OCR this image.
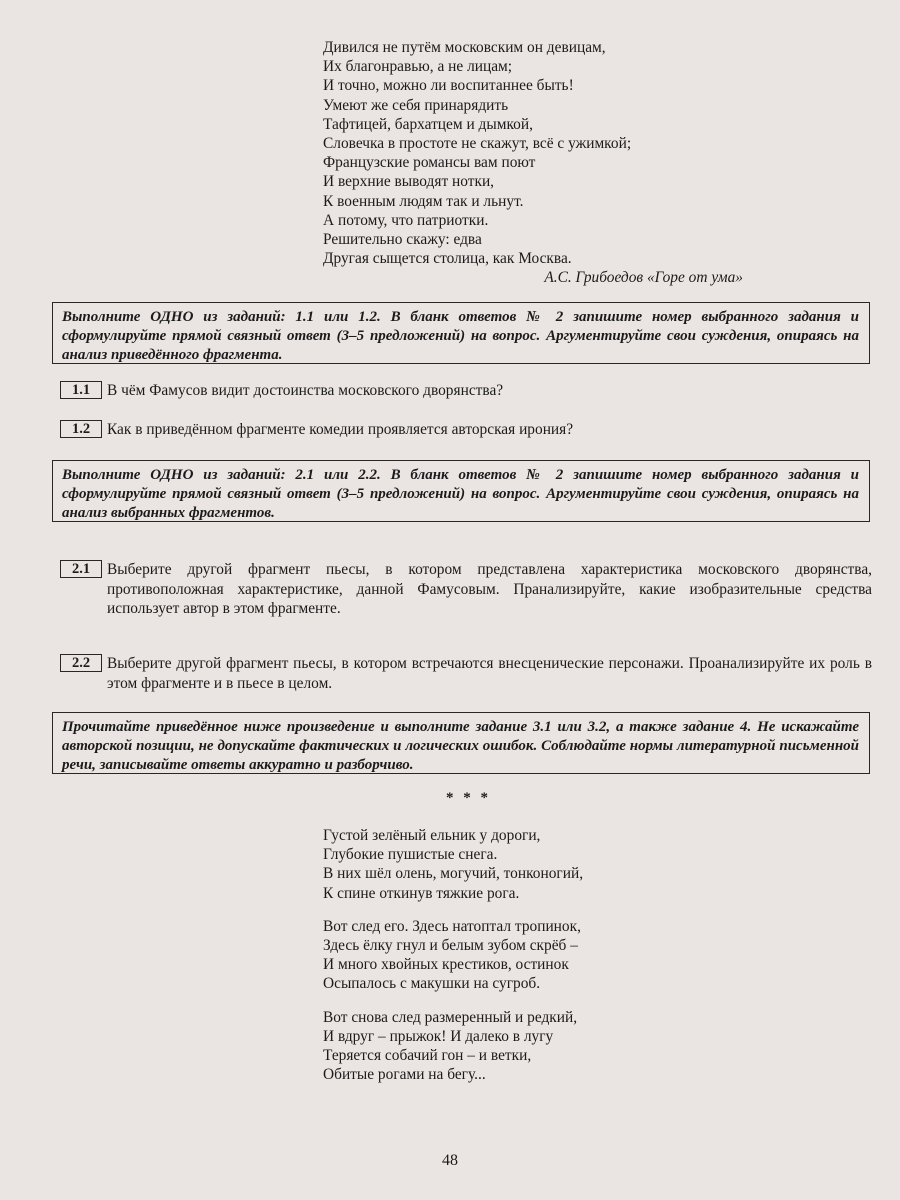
Дивился не путём московским он девицам,
Их благонравью, а не лицам;
И точно, можно ли воспитаннее быть!
Умеют же себя принарядить
Тафтицей, бархатцем и дымкой,
Словечка в простоте не скажут, всё с ужимкой;
Французские романсы вам поют
И верхние выводят нотки,
К военным людям так и льнут.
А потому, что патриотки.
Решительно скажу: едва
Другая сыщется столица, как Москва.
А.С. Грибоедов «Горе от ума»
Выполните ОДНО из заданий: 1.1 или 1.2. В бланк ответов № 2 запишите номер выбранного задания и сформулируйте прямой связный ответ (3–5 предложений) на вопрос. Аргументируйте свои суждения, опираясь на анализ приведённого фрагмента.
1.1	В чём Фамусов видит достоинства московского дворянства?
1.2	Как в приведённом фрагменте комедии проявляется авторская ирония?
Выполните ОДНО из заданий: 2.1 или 2.2. В бланк ответов № 2 запишите номер выбранного задания и сформулируйте прямой связный ответ (3–5 предложений) на вопрос. Аргументируйте свои суждения, опираясь на анализ выбранных фрагментов.
2.1	Выберите другой фрагмент пьесы, в котором представлена характеристика московского дворянства, противоположная характеристике, данной Фамусовым. Пранализируйте, какие изобразительные средства использует автор в этом фрагменте.
2.2	Выберите другой фрагмент пьесы, в котором встречаются внесценические персонажи. Проанализируйте их роль в этом фрагменте и в пьесе в целом.
Прочитайте приведённое ниже произведение и выполните задание 3.1 или 3.2, а также задание 4. Не искажайте авторской позиции, не допускайте фактических и логических ошибок. Соблюдайте нормы литературной письменной речи, записывайте ответы аккуратно и разборчиво.
* * *
Густой зелёный ельник у дороги,
Глубокие пушистые снега.
В них шёл олень, могучий, тонконогий,
К спине откинув тяжкие рога.
Вот след его. Здесь натоптал тропинок,
Здесь ёлку гнул и белым зубом скрёб –
И много хвойных крестиков, остинок
Осыпалось с макушки на сугроб.
Вот снова след размеренный и редкий,
И вдруг – прыжок! И далеко в лугу
Теряется собачий гон – и ветки,
Обитые рогами на бегу...
48
